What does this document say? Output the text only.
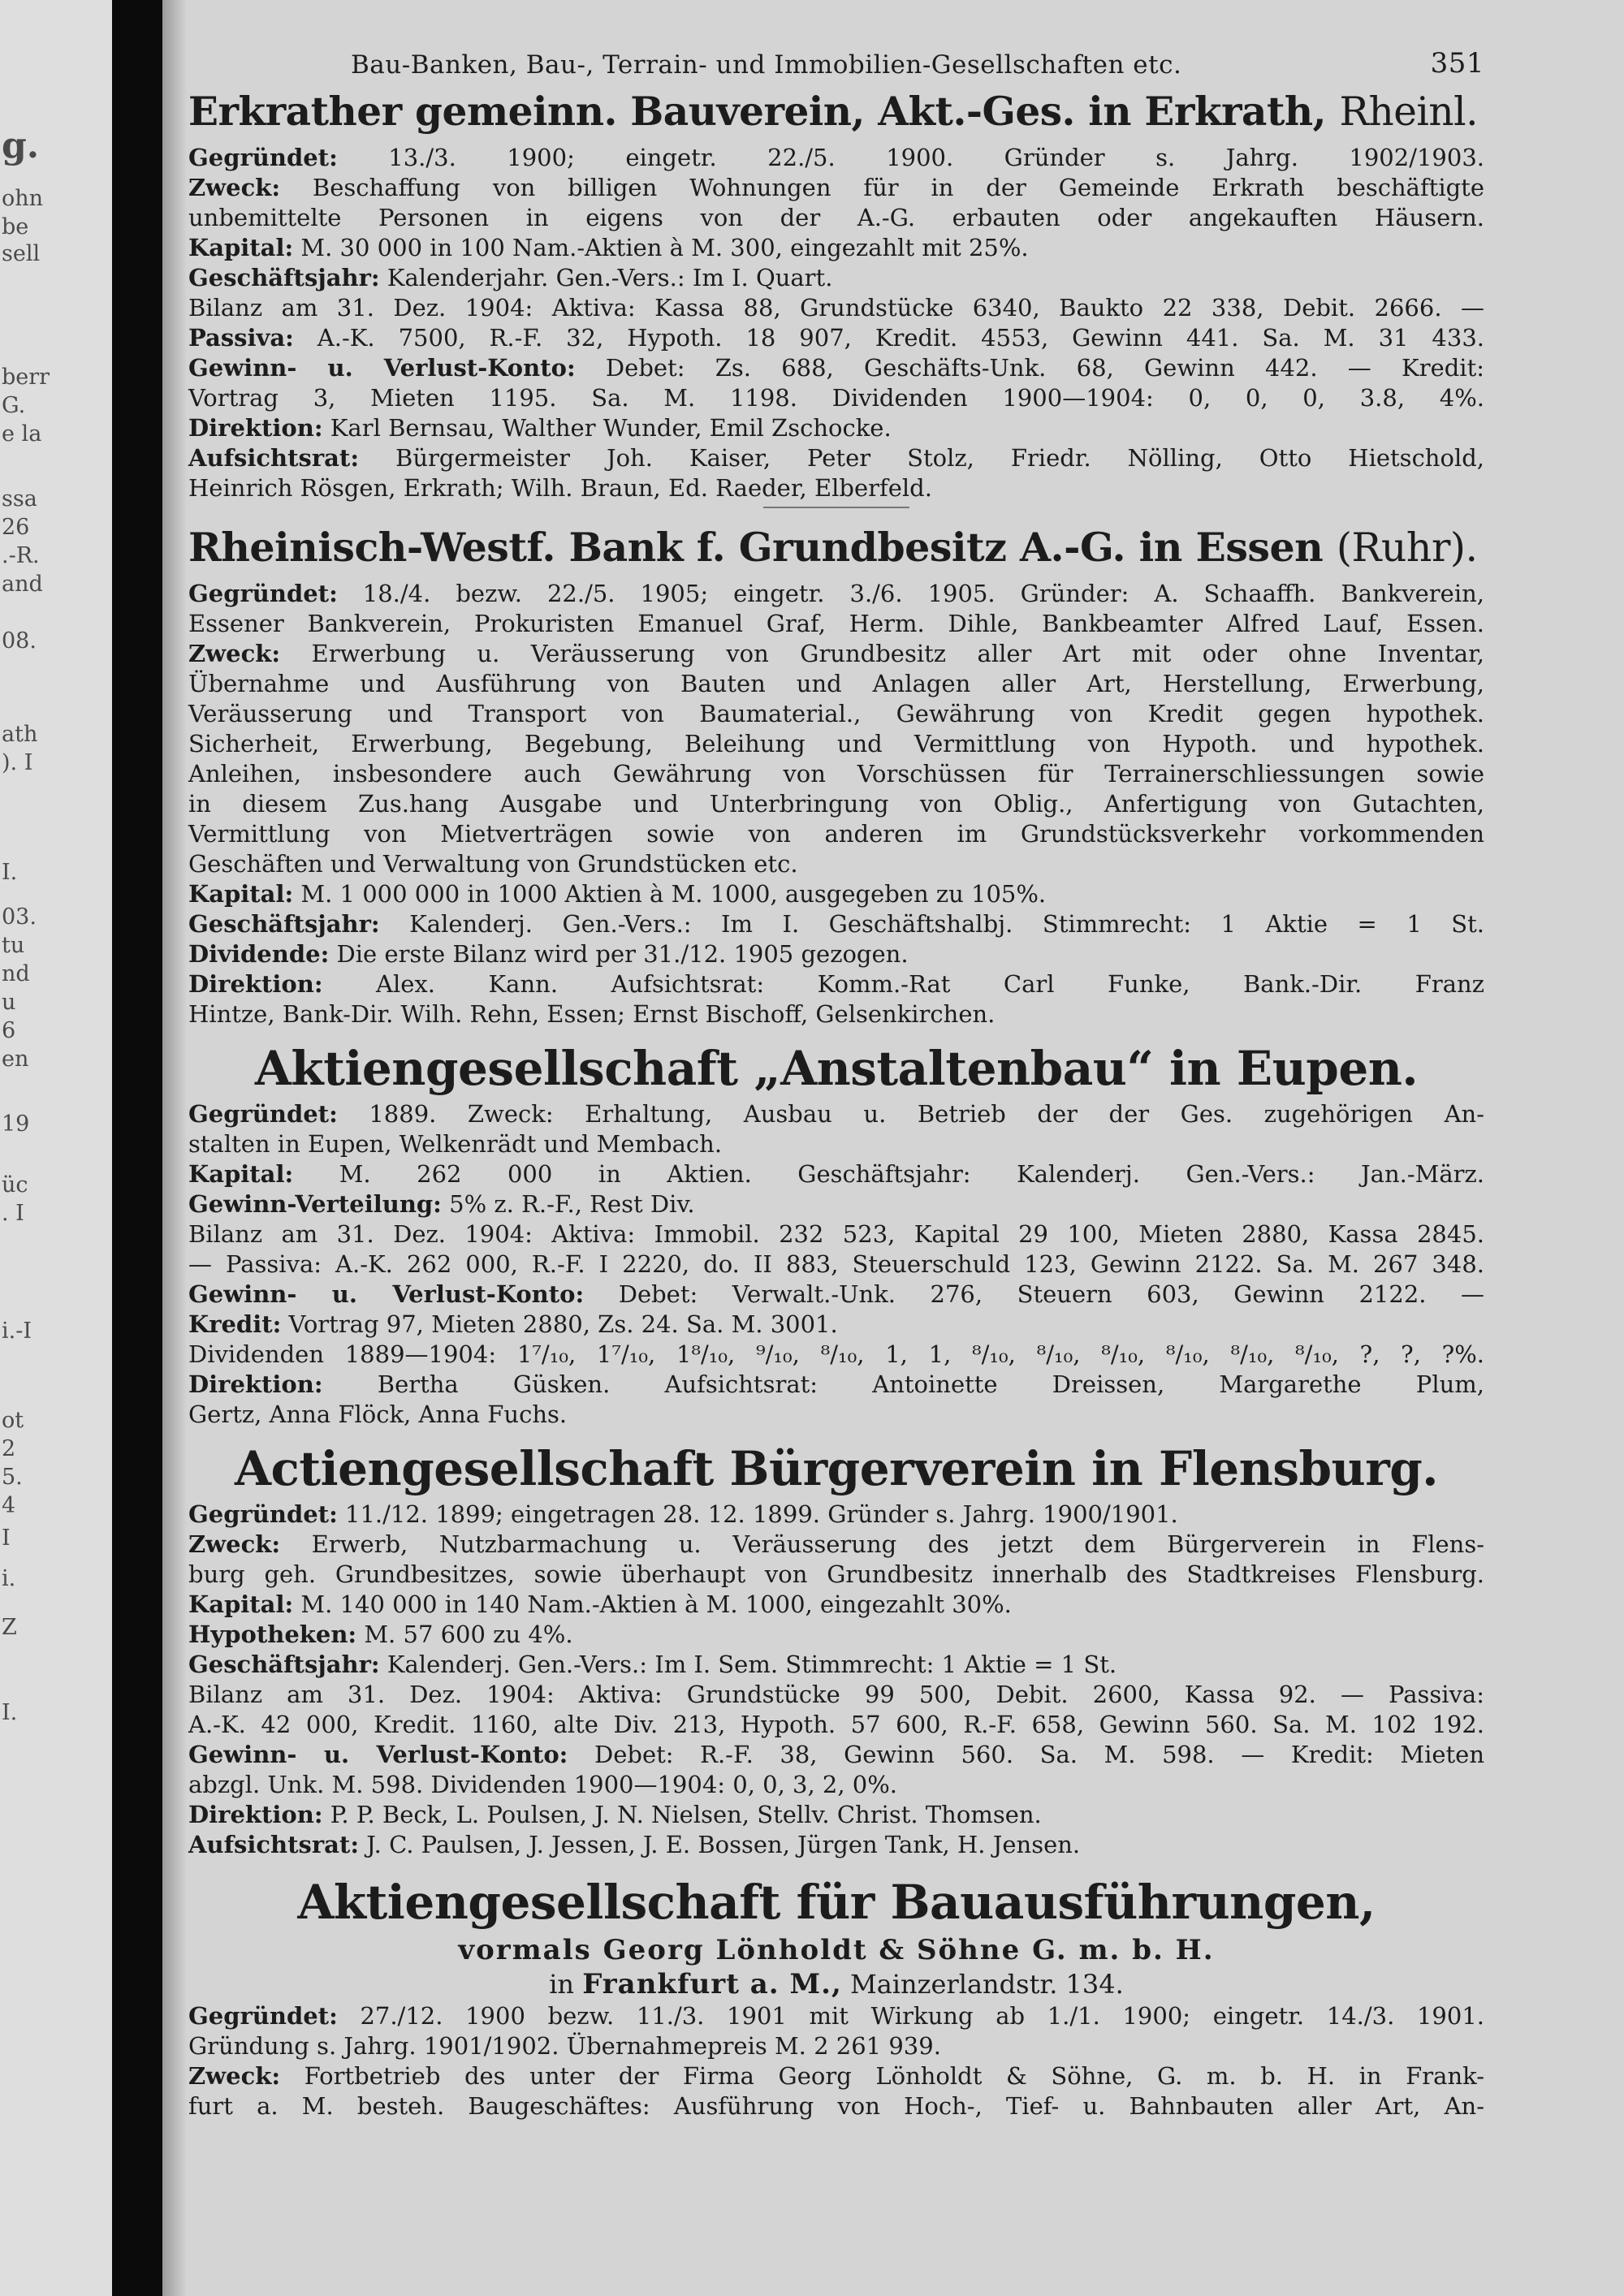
g.
ohn
be
sell
berr
G.
e la
ssa
26
.-R.
and
08.
ath
). I
I.
03.
tu
nd
u
6
en
19
üc
. I
i.-I
ot
2
5.
4
I
i.
Z
I.
Bau-Banken, Bau-, Terrain- und Immobilien-Gesellschaften etc.	351
Erkrather gemeinn. Bauverein, Akt.-Ges. in Erkrath, Rheinl.
Gegründet: 13./3. 1900; eingetr. 22./5. 1900. Gründer s. Jahrg. 1902/1903.
Zweck: Beschaffung von billigen Wohnungen für in der Gemeinde Erkrath beschäftigte
unbemittelte Personen in eigens von der A.-G. erbauten oder angekauften Häusern.
Kapital: M. 30 000 in 100 Nam.-Aktien à M. 300, eingezahlt mit 25%.
Geschäftsjahr: Kalenderjahr. Gen.-Vers.: Im I. Quart.
Bilanz am 31. Dez. 1904: Aktiva: Kassa 88, Grundstücke 6340, Baukto 22 338, Debit. 2666. —
Passiva: A.-K. 7500, R.-F. 32, Hypoth. 18 907, Kredit. 4553, Gewinn 441. Sa. M. 31 433.
Gewinn- u. Verlust-Konto: Debet: Zs. 688, Geschäfts-Unk. 68, Gewinn 442. — Kredit:
Vortrag 3, Mieten 1195. Sa. M. 1198. Dividenden 1900—1904: 0, 0, 0, 3.8, 4%.
Direktion: Karl Bernsau, Walther Wunder, Emil Zschocke.
Aufsichtsrat: Bürgermeister Joh. Kaiser, Peter Stolz, Friedr. Nölling, Otto Hietschold,
Heinrich Rösgen, Erkrath; Wilh. Braun, Ed. Raeder, Elberfeld.
Rheinisch-Westf. Bank f. Grundbesitz A.-G. in Essen (Ruhr).
Gegründet: 18./4. bezw. 22./5. 1905; eingetr. 3./6. 1905. Gründer: A. Schaaffh. Bankverein,
Essener Bankverein, Prokuristen Emanuel Graf, Herm. Dihle, Bankbeamter Alfred Lauf, Essen.
Zweck: Erwerbung u. Veräusserung von Grundbesitz aller Art mit oder ohne Inventar,
Übernahme und Ausführung von Bauten und Anlagen aller Art, Herstellung, Erwerbung,
Veräusserung und Transport von Baumaterial., Gewährung von Kredit gegen hypothek.
Sicherheit, Erwerbung, Begebung, Beleihung und Vermittlung von Hypoth. und hypothek.
Anleihen, insbesondere auch Gewährung von Vorschüssen für Terrainerschliessungen sowie
in diesem Zus.hang Ausgabe und Unterbringung von Oblig., Anfertigung von Gutachten,
Vermittlung von Mietverträgen sowie von anderen im Grundstücksverkehr vorkommenden
Geschäften und Verwaltung von Grundstücken etc.
Kapital: M. 1 000 000 in 1000 Aktien à M. 1000, ausgegeben zu 105%.
Geschäftsjahr: Kalenderj. Gen.-Vers.: Im I. Geschäftshalbj. Stimmrecht: 1 Aktie = 1 St.
Dividende: Die erste Bilanz wird per 31./12. 1905 gezogen.
Direktion: Alex. Kann. Aufsichtsrat: Komm.-Rat Carl Funke, Bank.-Dir. Franz
Hintze, Bank-Dir. Wilh. Rehn, Essen; Ernst Bischoff, Gelsenkirchen.
Aktiengesellschaft „Anstaltenbau“ in Eupen.
Gegründet: 1889. Zweck: Erhaltung, Ausbau u. Betrieb der der Ges. zugehörigen An-
stalten in Eupen, Welkenrädt und Membach.
Kapital: M. 262 000 in Aktien. Geschäftsjahr: Kalenderj. Gen.-Vers.: Jan.-März.
Gewinn-Verteilung: 5% z. R.-F., Rest Div.
Bilanz am 31. Dez. 1904: Aktiva: Immobil. 232 523, Kapital 29 100, Mieten 2880, Kassa 2845.
— Passiva: A.-K. 262 000, R.-F. I 2220, do. II 883, Steuerschuld 123, Gewinn 2122. Sa. M. 267 348.
Gewinn- u. Verlust-Konto: Debet: Verwalt.-Unk. 276, Steuern 603, Gewinn 2122. —
Kredit: Vortrag 97, Mieten 2880, Zs. 24. Sa. M. 3001.
Dividenden 1889—1904: 1⁷/₁₀, 1⁷/₁₀, 1⁸/₁₀, ⁹/₁₀, ⁸/₁₀, 1, 1, ⁸/₁₀, ⁸/₁₀, ⁸/₁₀, ⁸/₁₀, ⁸/₁₀, ⁸/₁₀, ?, ?, ?%.
Direktion: Bertha Güsken. Aufsichtsrat: Antoinette Dreissen, Margarethe Plum,
Gertz, Anna Flöck, Anna Fuchs.
Actiengesellschaft Bürgerverein in Flensburg.
Gegründet: 11./12. 1899; eingetragen 28. 12. 1899. Gründer s. Jahrg. 1900/1901.
Zweck: Erwerb, Nutzbarmachung u. Veräusserung des jetzt dem Bürgerverein in Flens-
burg geh. Grundbesitzes, sowie überhaupt von Grundbesitz innerhalb des Stadtkreises Flensburg.
Kapital: M. 140 000 in 140 Nam.-Aktien à M. 1000, eingezahlt 30%.
Hypotheken: M. 57 600 zu 4%.
Geschäftsjahr: Kalenderj. Gen.-Vers.: Im I. Sem. Stimmrecht: 1 Aktie = 1 St.
Bilanz am 31. Dez. 1904: Aktiva: Grundstücke 99 500, Debit. 2600, Kassa 92. — Passiva:
A.-K. 42 000, Kredit. 1160, alte Div. 213, Hypoth. 57 600, R.-F. 658, Gewinn 560. Sa. M. 102 192.
Gewinn- u. Verlust-Konto: Debet: R.-F. 38, Gewinn 560. Sa. M. 598. — Kredit: Mieten
abzgl. Unk. M. 598. Dividenden 1900—1904: 0, 0, 3, 2, 0%.
Direktion: P. P. Beck, L. Poulsen, J. N. Nielsen, Stellv. Christ. Thomsen.
Aufsichtsrat: J. C. Paulsen, J. Jessen, J. E. Bossen, Jürgen Tank, H. Jensen.
Aktiengesellschaft für Bauausführungen,
vormals Georg Lönholdt & Söhne G. m. b. H.
in Frankfurt a. M., Mainzerlandstr. 134.
Gegründet: 27./12. 1900 bezw. 11./3. 1901 mit Wirkung ab 1./1. 1900; eingetr. 14./3. 1901.
Gründung s. Jahrg. 1901/1902. Übernahmepreis M. 2 261 939.
Zweck: Fortbetrieb des unter der Firma Georg Lönholdt & Söhne, G. m. b. H. in Frank-
furt a. M. besteh. Baugeschäftes: Ausführung von Hoch-, Tief- u. Bahnbauten aller Art, An-
